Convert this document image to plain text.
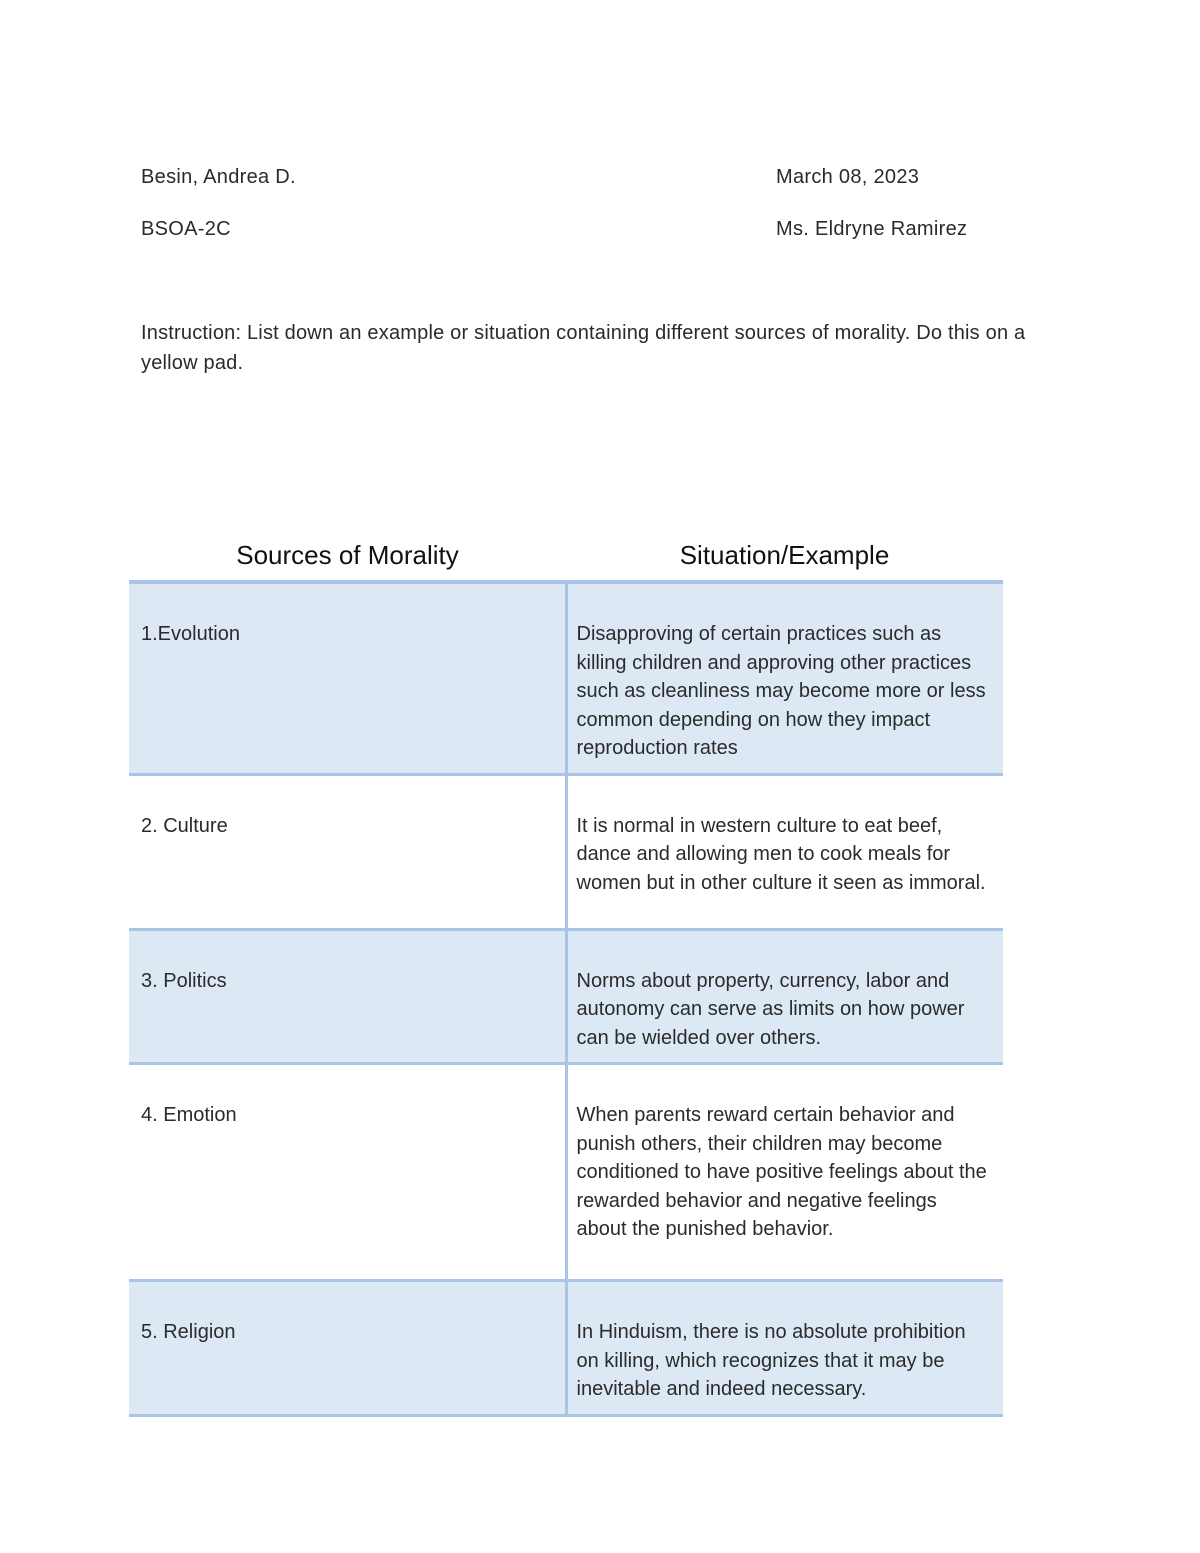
Besin, Andrea D.	March 08, 2023
BSOA-2C	Ms. Eldryne Ramirez
Instruction: List down an example or situation containing different sources of morality. Do this on a yellow pad.
Sources of Morality	Situation/Example
1.Evolution	Disapproving of certain practices such as killing children and approving other practices such as cleanliness may become more or less common depending on how they impact reproduction rates
2. Culture	It is normal in western culture to eat beef, dance and allowing men to cook meals for women but in other culture it seen as immoral.
3. Politics	Norms about property, currency, labor and autonomy can serve as limits on how power can be wielded over others.
4. Emotion	When parents reward certain behavior and punish others, their children may become conditioned to have positive feelings about the rewarded behavior and negative feelings about the punished behavior.
5. Religion	In Hinduism, there is no absolute prohibition on killing, which recognizes that it may be inevitable and indeed necessary.
